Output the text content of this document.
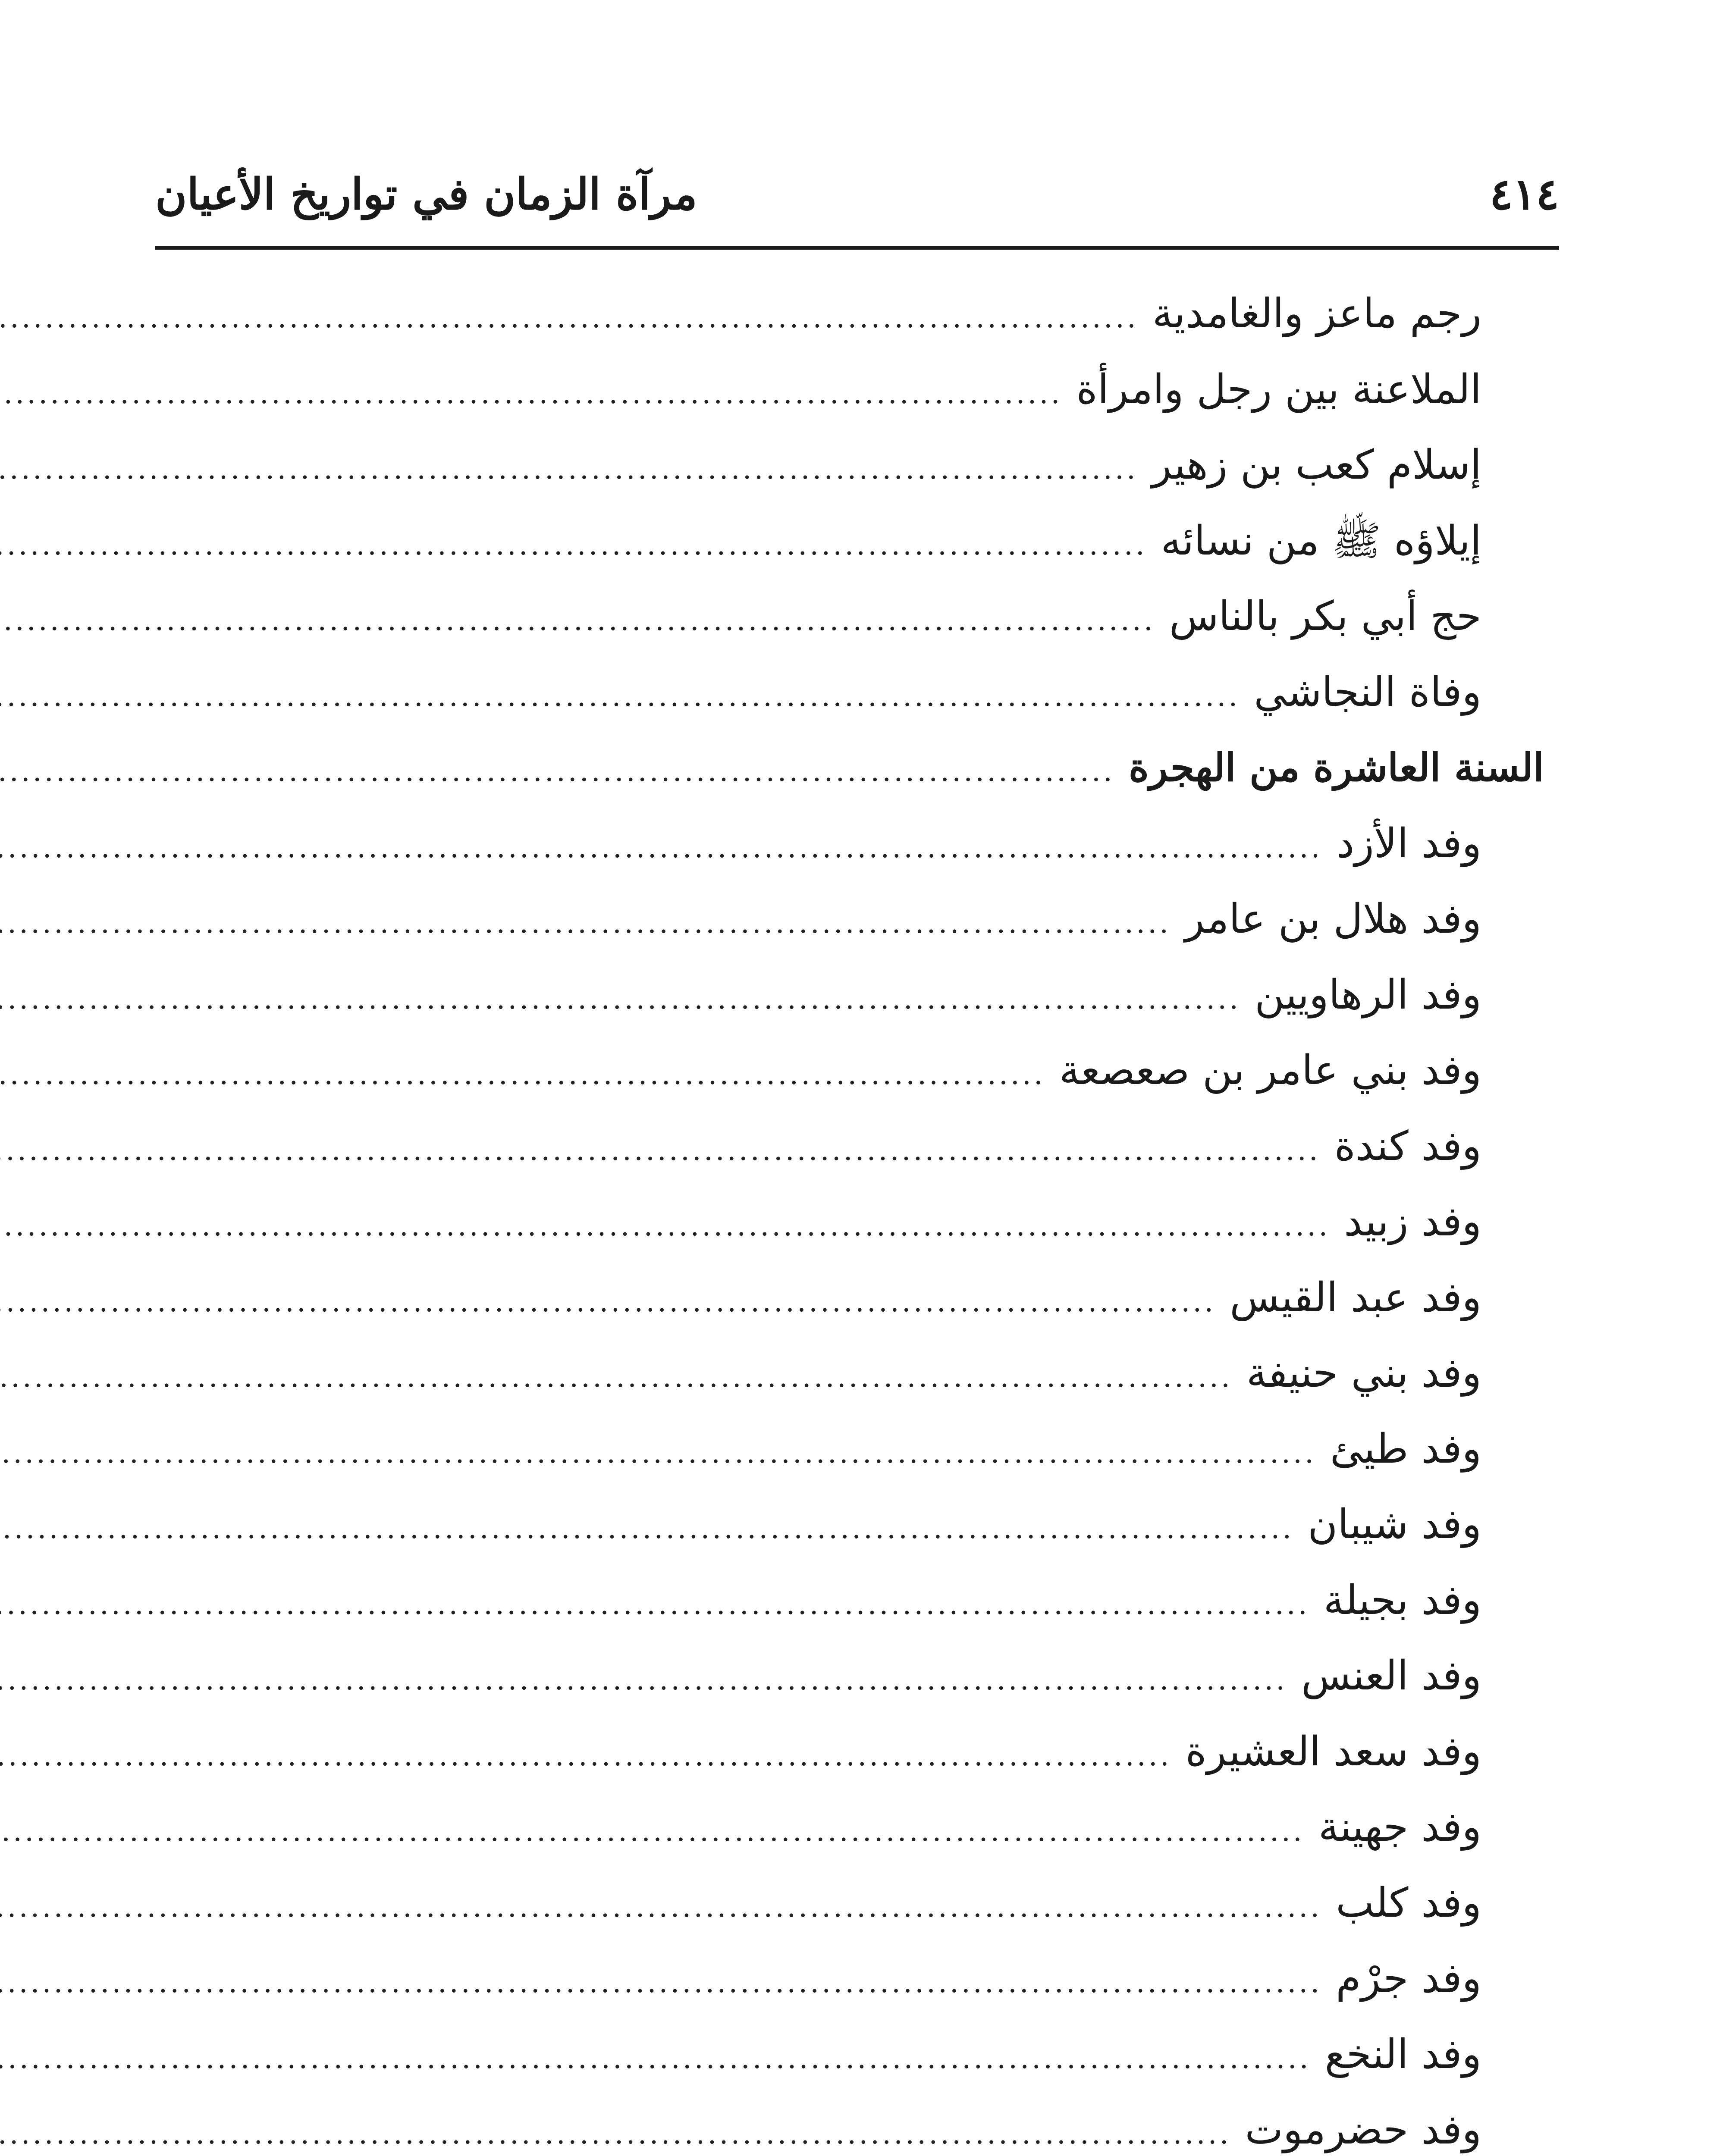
٤١٤
مرآة الزمان في تواريخ الأعيان
رجم ماعز والغامدية
.....
الملاعنة بين رجل وامرأة
.....
إسلام كعب بن زهير
.....
إيلاؤه ﷺ من نسائه
.....
حج أبي بكر بالناس
.....
وفاة النجاشي
.....
السنة العاشرة من الهجرة
.....
وفد الأزد
.....
وفد هلال بن عامر
.....
وفد الرهاويين
.....
وفد بني عامر بن صعصعة
.....
وفد كندة
.....
وفد زبيد
.....
وفد عبد القيس
.....
وفد بني حنيفة
.....
وفد طيئ
.....
وفد شيبان
.....
وفد بجيلة
.....
وفد العنس
.....
وفد سعد العشيرة
.....
وفد جهينة
.....
وفد كلب
.....
وفد جرْم
.....
وفد النخع
.....
وفد حضرموت
.....
